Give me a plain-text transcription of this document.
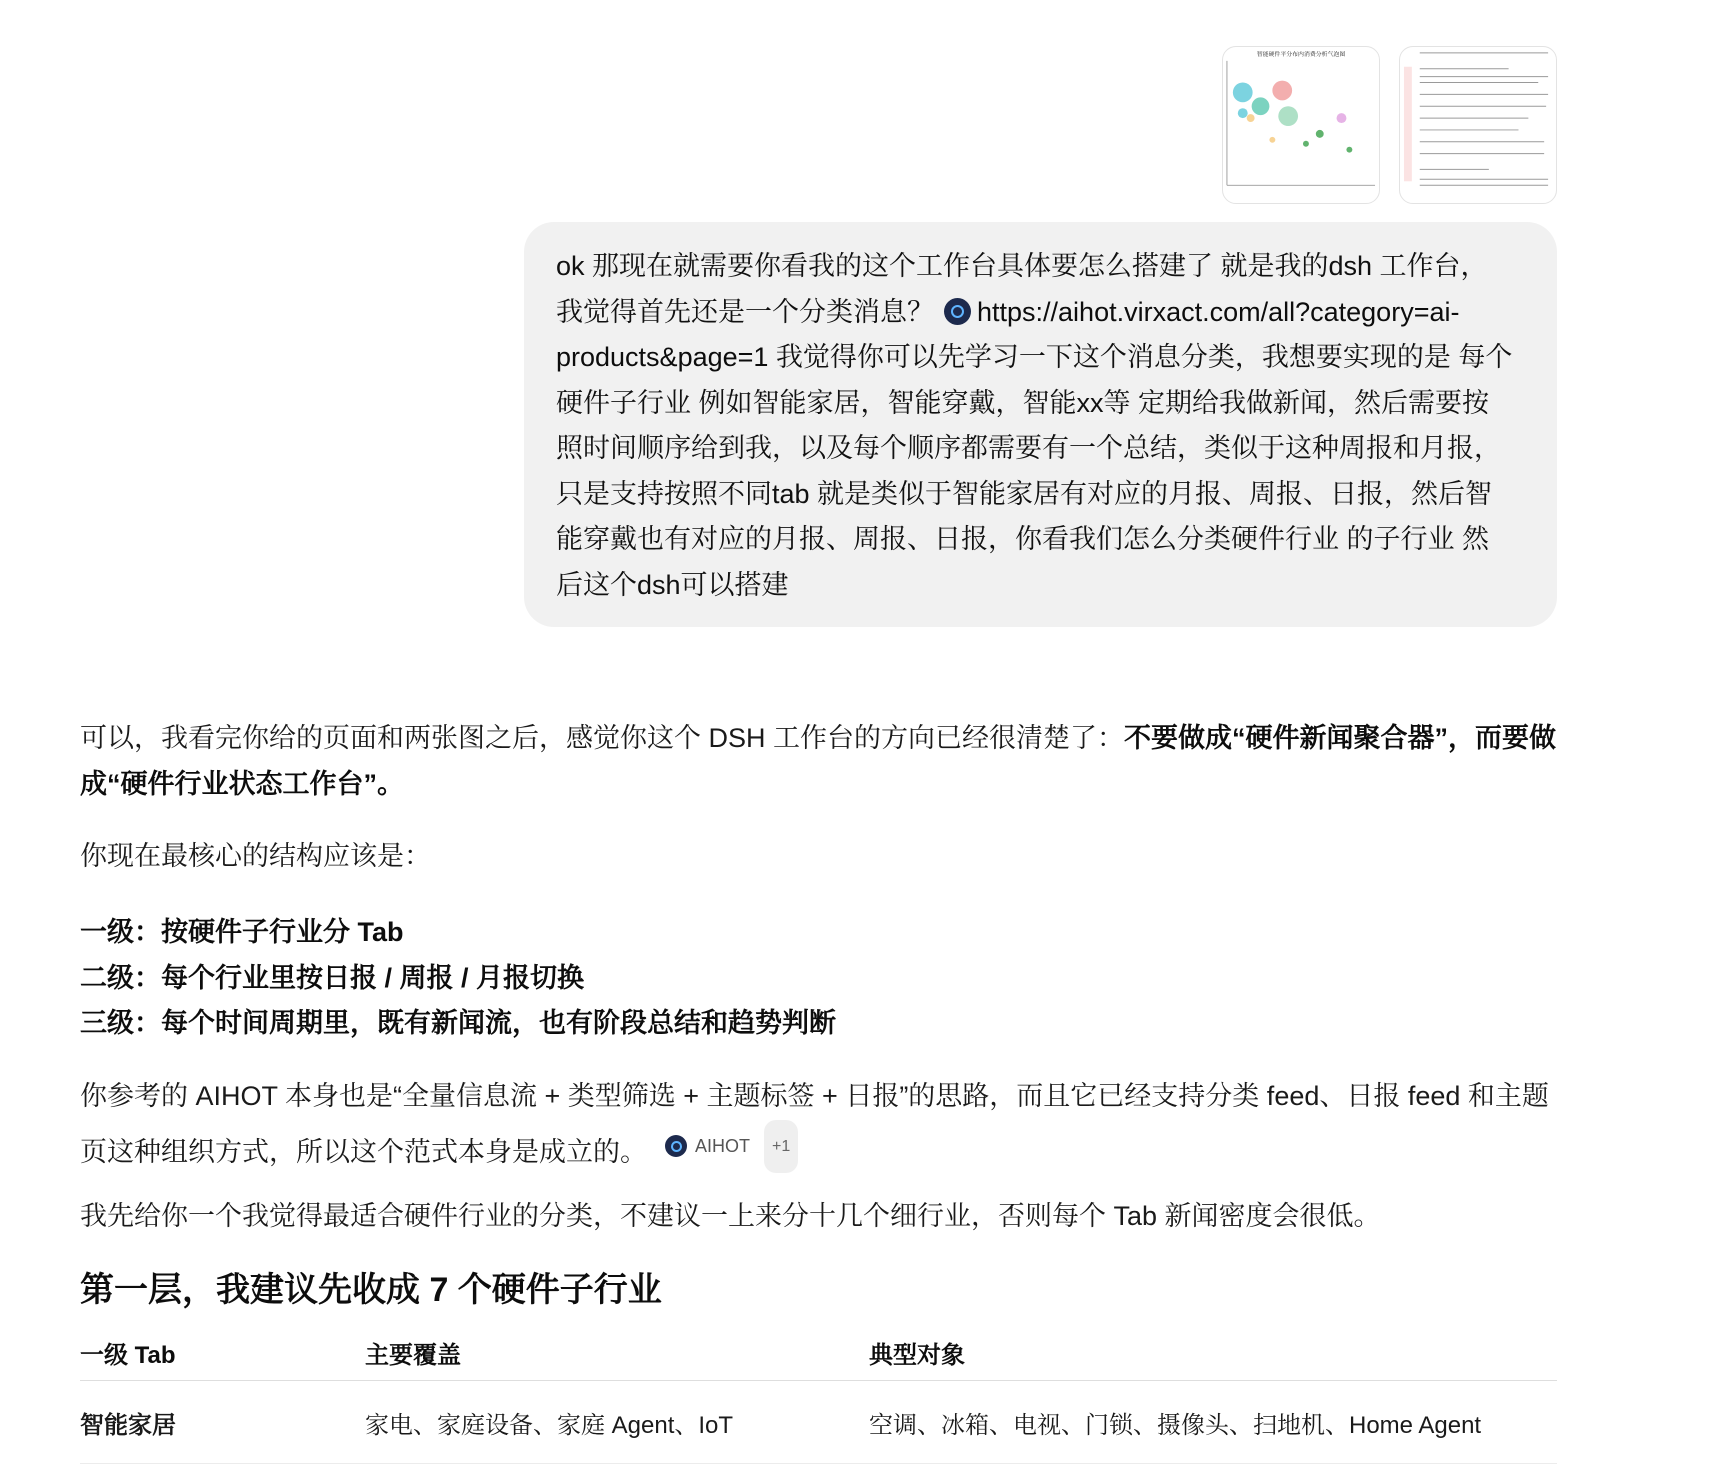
智能硬件平分布内消费分析气泡图
ok 那现在就需要你看我的这个工作台具体要怎么搭建了 就是我的dsh 工作台，我觉得首先还是一个分类消息？ https://aihot.virxact.com/all?category=ai-products&page=1 我觉得你可以先学习一下这个消息分类，我想要实现的是 每个硬件子行业 例如智能家居，智能穿戴，智能xx等 定期给我做新闻，然后需要按照时间顺序给到我，以及每个顺序都需要有一个总结，类似于这种周报和月报，只是支持按照不同tab 就是类似于智能家居有对应的月报、周报、日报，然后智能穿戴也有对应的月报、周报、日报，你看我们怎么分类硬件行业 的子行业 然后这个dsh可以搭建

可以，我看完你给的页面和两张图之后，感觉你这个 DSH 工作台的方向已经很清楚了：不要做成“硬件新闻聚合器”，而要做成“硬件行业状态工作台”。

你现在最核心的结构应该是：

一级：按硬件子行业分 Tab

二级：每个行业里按日报 / 周报 / 月报切换

三级：每个时间周期里，既有新闻流，也有阶段总结和趋势判断

你参考的 AIHOT 本身也是“全量信息流 + 类型筛选 + 主题标签 + 日报”的思路，而且它已经支持分类 feed、日报 feed 和主题页这种组织方式，所以这个范式本身是成立的。	AIHOT	+1

我先给你一个我觉得最适合硬件行业的分类，不建议一上来分十几个细行业，否则每个 Tab 新闻密度会很低。

第一层，我建议先收成 7 个硬件子行业
一级 Tab	主要覆盖	典型对象
智能家居	家电、家庭设备、家庭 Agent、IoT	空调、冰箱、电视、门锁、摄像头、扫地机、Home Agent
